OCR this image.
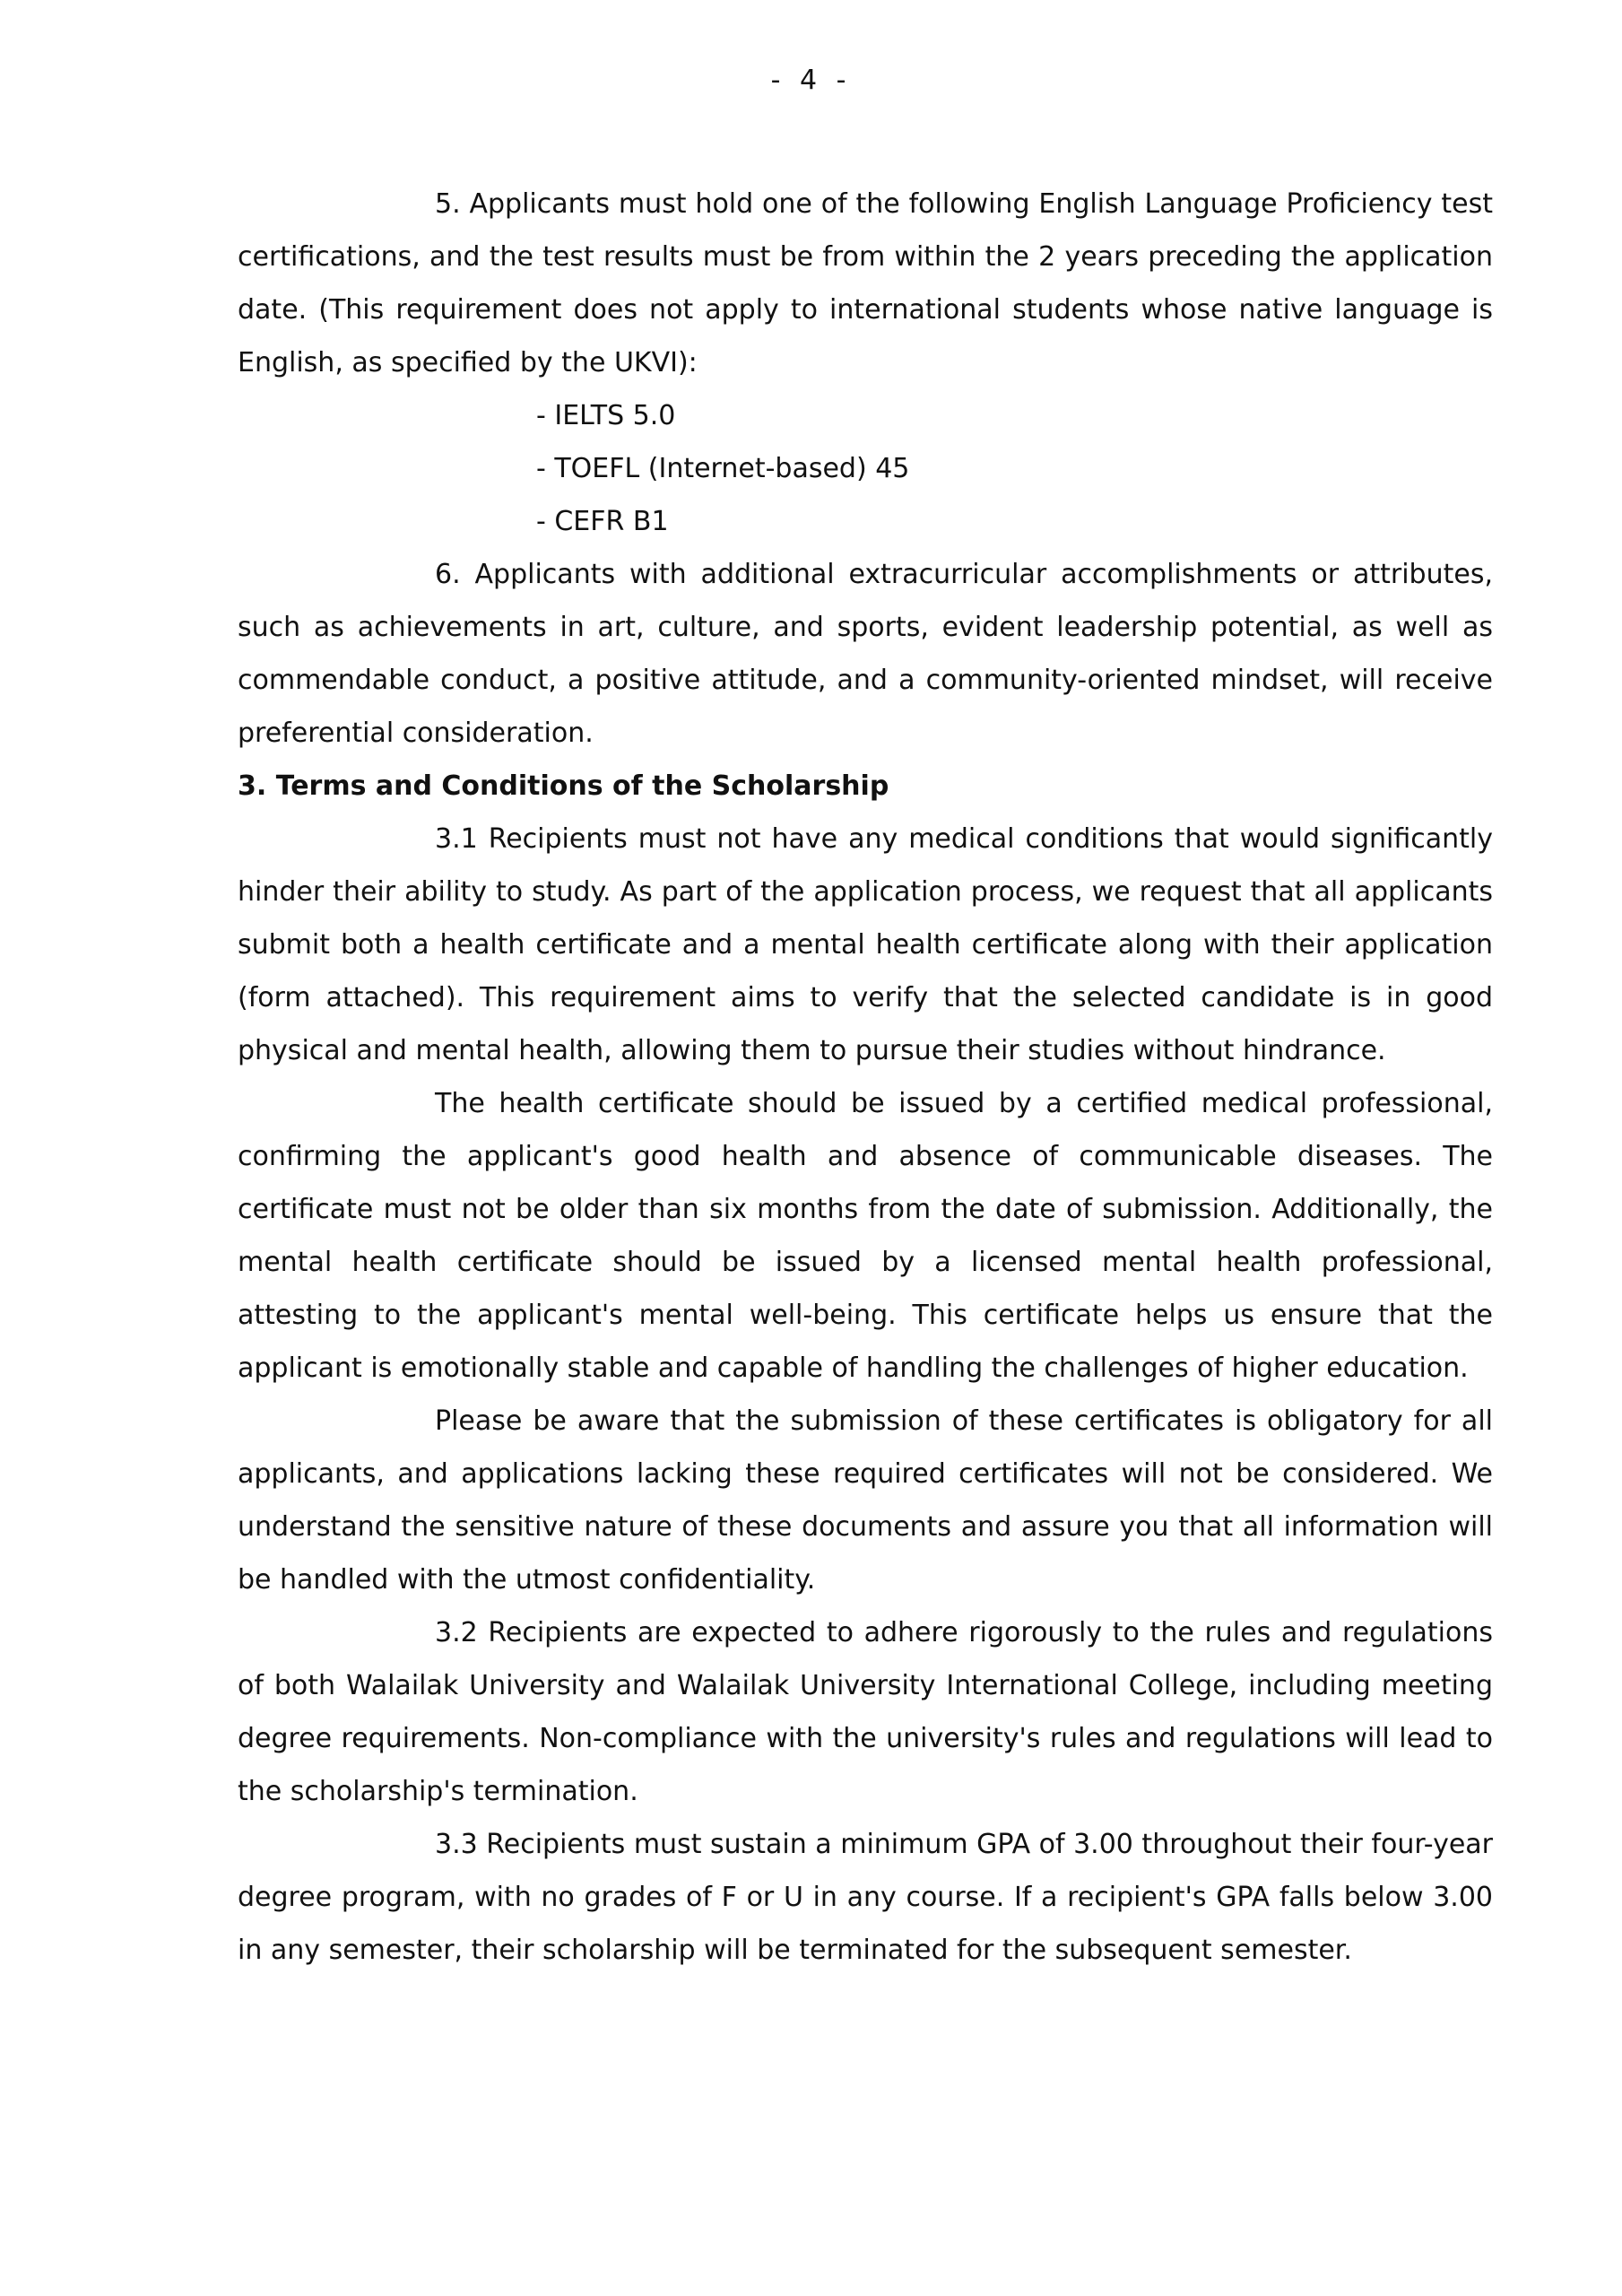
- 4 -

5. Applicants must hold one of the following English Language Proficiency test certifications, and the test results must be from within the 2 years preceding the application date. (This requirement does not apply to international students whose native language is English, as specified by the UKVI):

- IELTS 5.0

- TOEFL (Internet-based) 45

- CEFR B1

6. Applicants with additional extracurricular accomplishments or attributes, such as achievements in art, culture, and sports, evident leadership potential, as well as commendable conduct, a positive attitude, and a community-oriented mindset, will receive preferential consideration.

3. Terms and Conditions of the Scholarship

3.1 Recipients must not have any medical conditions that would significantly hinder their ability to study. As part of the application process, we request that all applicants submit both a health certificate and a mental health certificate along with their application (form attached). This requirement aims to verify that the selected candidate is in good physical and mental health, allowing them to pursue their studies without hindrance.

The health certificate should be issued by a certified medical professional, confirming the applicant's good health and absence of communicable diseases. The certificate must not be older than six months from the date of submission. Additionally, the mental health certificate should be issued by a licensed mental health professional, attesting to the applicant's mental well-being. This certificate helps us ensure that the applicant is emotionally stable and capable of handling the challenges of higher education.

Please be aware that the submission of these certificates is obligatory for all applicants, and applications lacking these required certificates will not be considered. We understand the sensitive nature of these documents and assure you that all information will be handled with the utmost confidentiality.

3.2 Recipients are expected to adhere rigorously to the rules and regulations of both Walailak University and Walailak University International College, including meeting degree requirements. Non-compliance with the university's rules and regulations will lead to the scholarship's termination.

3.3 Recipients must sustain a minimum GPA of 3.00 throughout their four-year degree program, with no grades of F or U in any course. If a recipient's GPA falls below 3.00 in any semester, their scholarship will be terminated for the subsequent semester.
